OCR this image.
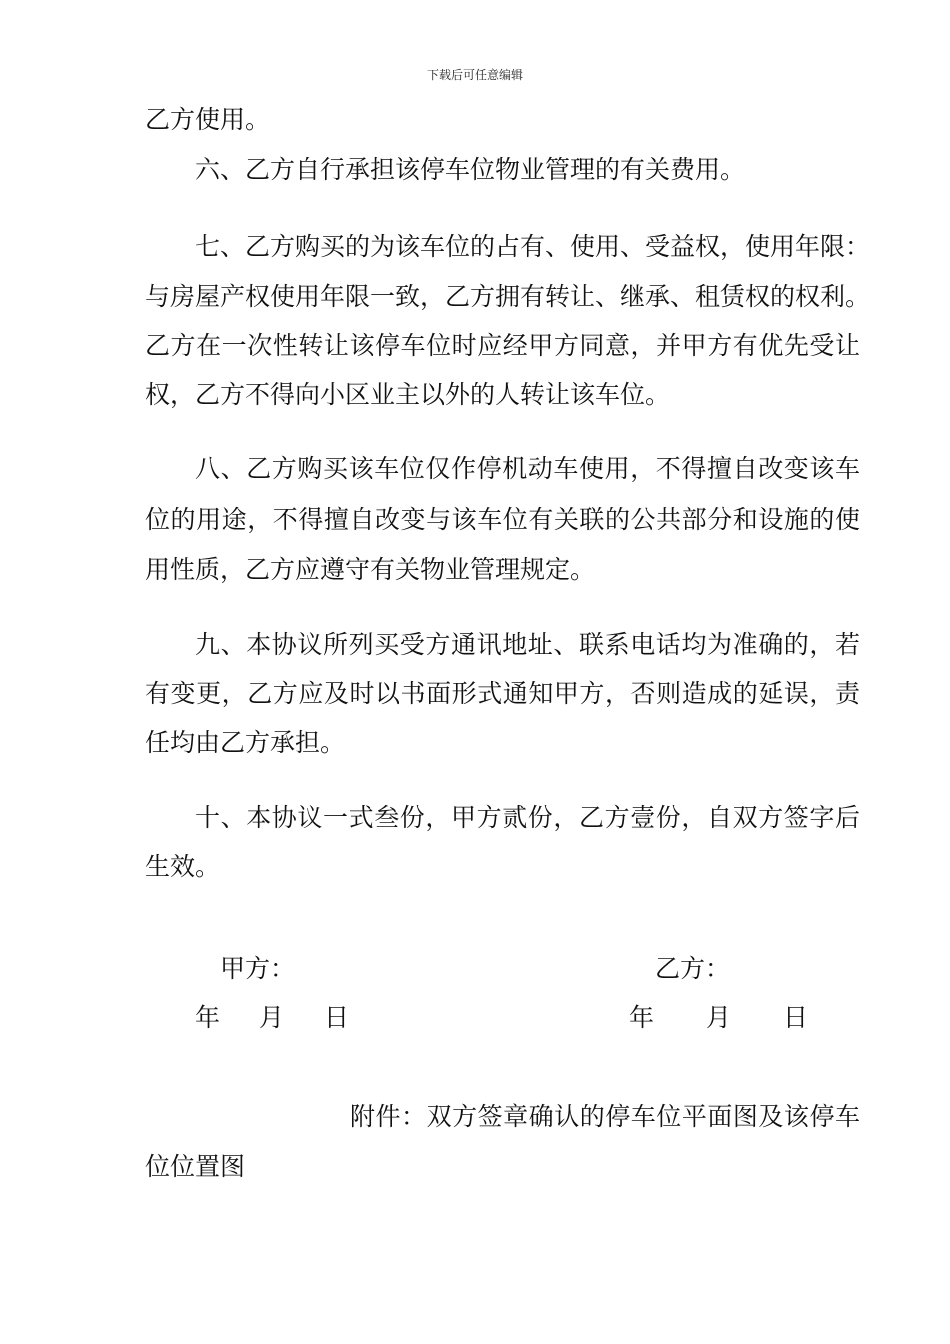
下载后可任意编辑
乙方使用。
六、乙方自行承担该停车位物业管理的有关费用。
七、乙方购买的为该车位的占有、使用、受益权，使用年限：
与房屋产权使用年限一致，乙方拥有转让、继承、租赁权的权利。
乙方在一次性转让该停车位时应经甲方同意，并甲方有优先受让
权，乙方不得向小区业主以外的人转让该车位。
八、乙方购买该车位仅作停机动车使用，不得擅自改变该车
位的用途，不得擅自改变与该车位有关联的公共部分和设施的使
用性质，乙方应遵守有关物业管理规定。
九、本协议所列买受方通讯地址、联系电话均为准确的，若
有变更，乙方应及时以书面形式通知甲方，否则造成的延误，责
任均由乙方承担。
十、本协议一式叁份，甲方贰份，乙方壹份，自双方签字后
生效。
甲方：	乙方：
年 月 日	年 月 日
附件：双方签章确认的停车位平面图及该停车
位位置图
